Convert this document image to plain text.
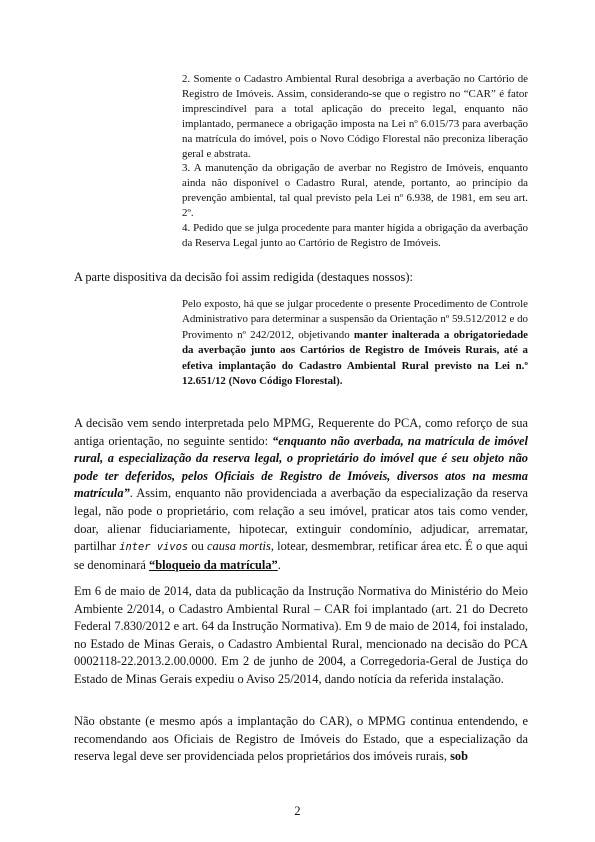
2. Somente o Cadastro Ambiental Rural desobriga a averbação no Cartório de Registro de Imóveis. Assim, considerando-se que o registro no “CAR” é fator imprescindível para a total aplicação do preceito legal, enquanto não implantado, permanece a obrigação imposta na Lei nº 6.015/73 para averbação na matrícula do imóvel, pois o Novo Código Florestal não preconiza liberação geral e abstrata.

3. A manutenção da obrigação de averbar no Registro de Imóveis, enquanto ainda não disponível o Cadastro Rural, atende, portanto, ao princípio da prevenção ambiental, tal qual previsto pela Lei nº 6.938, de 1981, em seu art. 2º.

4. Pedido que se julga procedente para manter hígida a obrigação da averbação da Reserva Legal junto ao Cartório de Registro de Imóveis.

A parte dispositiva da decisão foi assim redigida (destaques nossos):

Pelo exposto, há que se julgar procedente o presente Procedimento de Controle Administrativo para determinar a suspensão da Orientação nº 59.512/2012 e do Provimento nº 242/2012, objetivando manter inalterada a obrigatoriedade da averbação junto aos Cartórios de Registro de Imóveis Rurais, até a efetiva implantação do Cadastro Ambiental Rural previsto na Lei n.º 12.651/12 (Novo Código Florestal).

A decisão vem sendo interpretada pelo MPMG, Requerente do PCA, como reforço de sua antiga orientação, no seguinte sentido: “enquanto não averbada, na matrícula de imóvel rural, a especialização da reserva legal, o proprietário do imóvel que é seu objeto não pode ter deferidos, pelos Oficiais de Registro de Imóveis, diversos atos na mesma matrícula”. Assim, enquanto não providenciada a averbação da especialização da reserva legal, não pode o proprietário, com relação a seu imóvel, praticar atos tais como vender, doar, alienar fiduciariamente, hipotecar, extinguir condomínio, adjudicar, arrematar, partilhar inter vivos ou causa mortis, lotear, desmembrar, retificar área etc. É o que aqui se denominará “bloqueio da matrícula”.

Em 6 de maio de 2014, data da publicação da Instrução Normativa do Ministério do Meio Ambiente 2/2014, o Cadastro Ambiental Rural – CAR foi implantado (art. 21 do Decreto Federal 7.830/2012 e art. 64 da Instrução Normativa). Em 9 de maio de 2014, foi instalado, no Estado de Minas Gerais, o Cadastro Ambiental Rural, mencionado na decisão do PCA 0002118-22.2013.2.00.0000. Em 2 de junho de 2004, a Corregedoria-Geral de Justiça do Estado de Minas Gerais expediu o Aviso 25/2014, dando notícia da referida instalação.

Não obstante (e mesmo após a implantação do CAR), o MPMG continua entendendo, e recomendando aos Oficiais de Registro de Imóveis do Estado, que a especialização da reserva legal deve ser providenciada pelos proprietários dos imóveis rurais, sob

2
